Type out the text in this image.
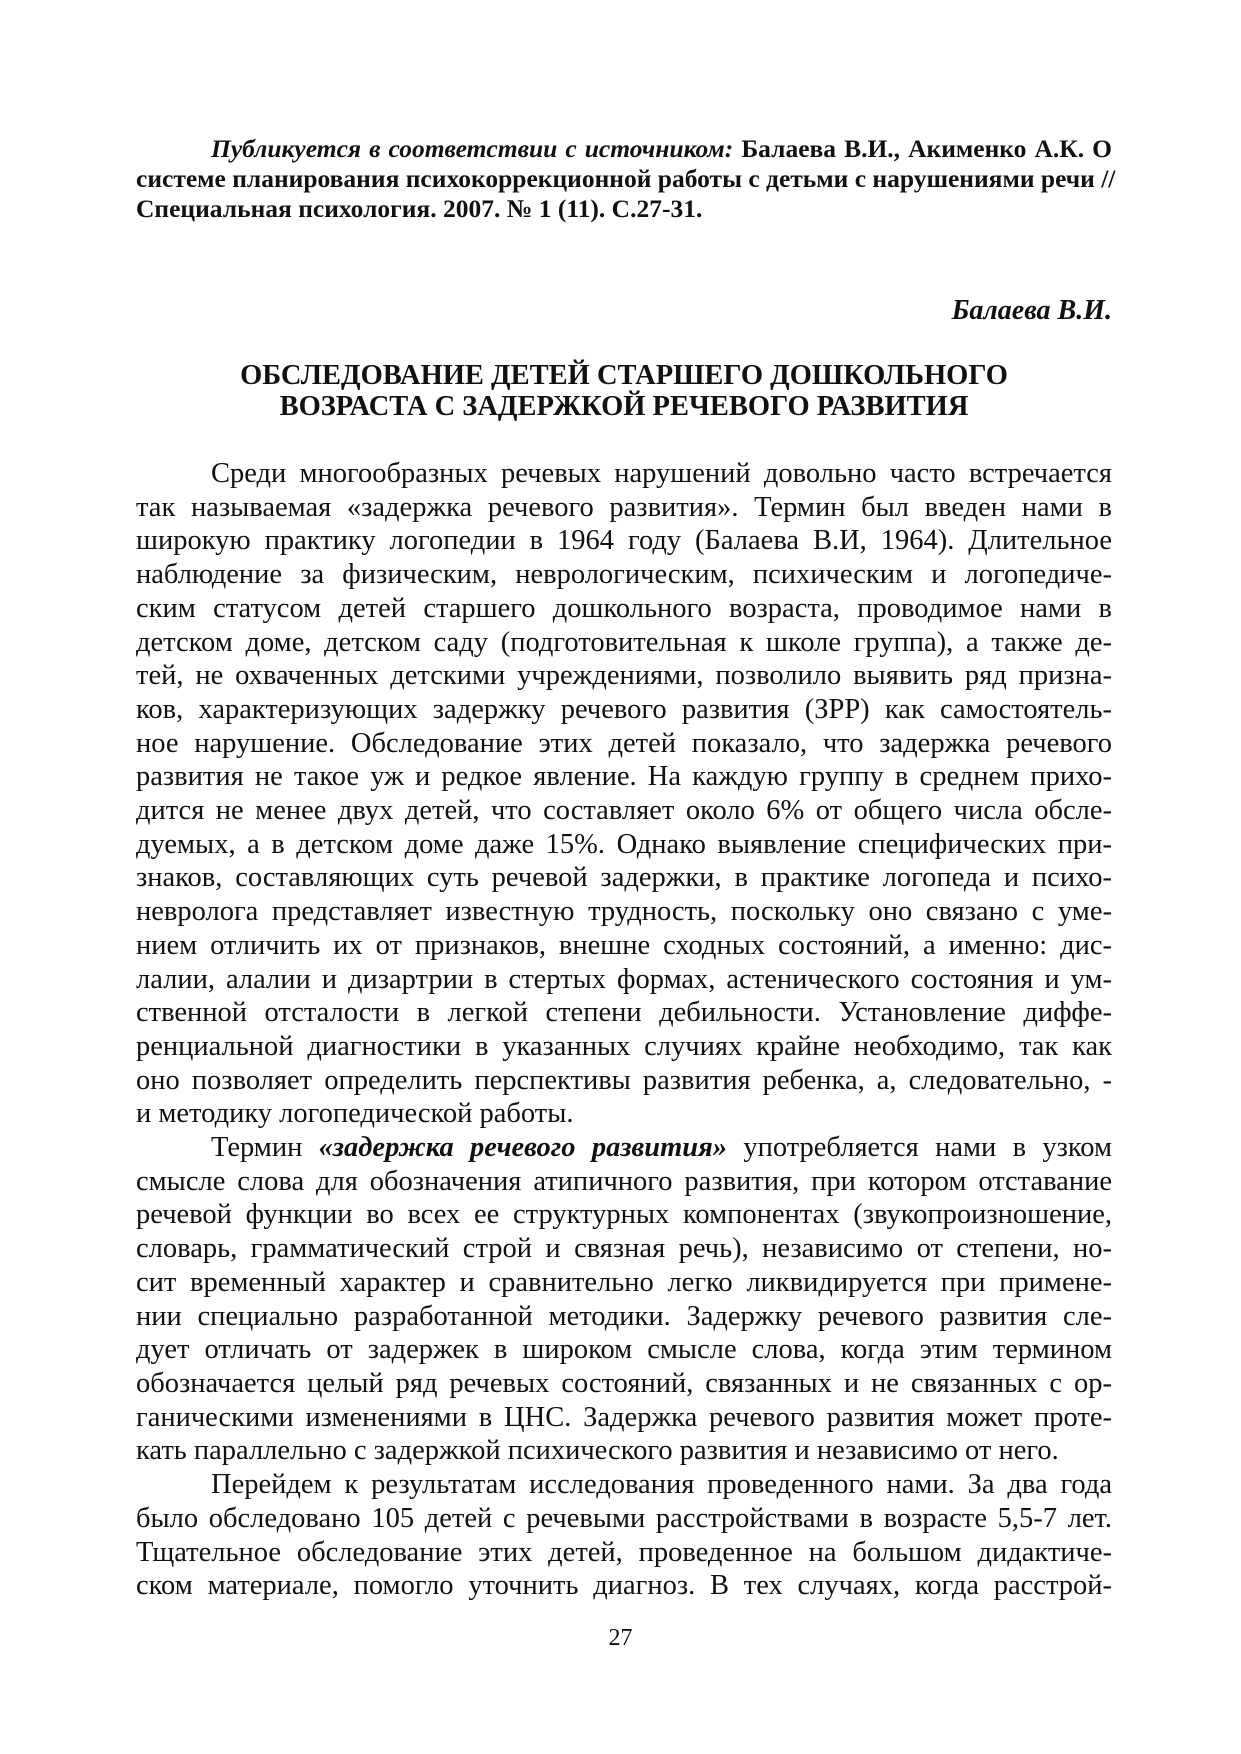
Публикуется в соответствии с источником: Балаева В.И., Акименко А.К. О
системе планирования психокоррекционной работы с детьми с нарушениями речи //
Специальная психология. 2007. № 1 (11). С.27-31.
Балаева В.И.
ОБСЛЕДОВАНИЕ ДЕТЕЙ СТАРШЕГО ДОШКОЛЬНОГО
ВОЗРАСТА С ЗАДЕРЖКОЙ РЕЧЕВОГО РАЗВИТИЯ
Среди многообразных речевых нарушений довольно часто встречается
так называемая «задержка речевого развития». Термин был введен нами в
широкую практику логопедии в 1964 году (Балаева В.И, 1964). Длительное
наблюдение за физическим, неврологическим, психическим и логопедиче-
ским статусом детей старшего дошкольного возраста, проводимое нами в
детском доме, детском саду (подготовительная к школе группа), а также де-
тей, не охваченных детскими учреждениями, позволило выявить ряд призна-
ков, характеризующих задержку речевого развития (ЗРР) как самостоятель-
ное нарушение. Обследование этих детей показало, что задержка речевого
развития не такое уж и редкое явление. На каждую группу в среднем прихо-
дится не менее двух детей, что составляет около 6% от общего числа обсле-
дуемых, а в детском доме даже 15%. Однако выявление специфических при-
знаков, составляющих суть речевой задержки, в практике логопеда и психо-
невролога представляет известную трудность, поскольку оно связано с уме-
нием отличить их от признаков, внешне сходных состояний, а именно: дис-
лалии, алалии и дизартрии в стертых формах, астенического состояния и ум-
ственной отсталости в легкой степени дебильности. Установление диффе-
ренциальной диагностики в указанных случиях крайне необходимо, так как
оно позволяет определить перспективы развития ребенка, а, следовательно, -
и методику логопедической работы.
Термин «задержка речевого развития» употребляется нами в узком
смысле слова для обозначения атипичного развития, при котором отставание
речевой функции во всех ее структурных компонентах (звукопроизношение,
словарь, грамматический строй и связная речь), независимо от степени, но-
сит временный характер и сравнительно легко ликвидируется при примене-
нии специально разработанной методики. Задержку речевого развития сле-
дует отличать от задержек в широком смысле слова, когда этим термином
обозначается целый ряд речевых состояний, связанных и не связанных с ор-
ганическими изменениями в ЦНС. Задержка речевого развития может проте-
кать параллельно с задержкой психического развития и независимо от него.
Перейдем к результатам исследования проведенного нами. За два года
было обследовано 105 детей с речевыми расстройствами в возрасте 5,5-7 лет.
Тщательное обследование этих детей, проведенное на большом дидактиче-
ском материале, помогло уточнить диагноз. В тех случаях, когда расстрой-
27
